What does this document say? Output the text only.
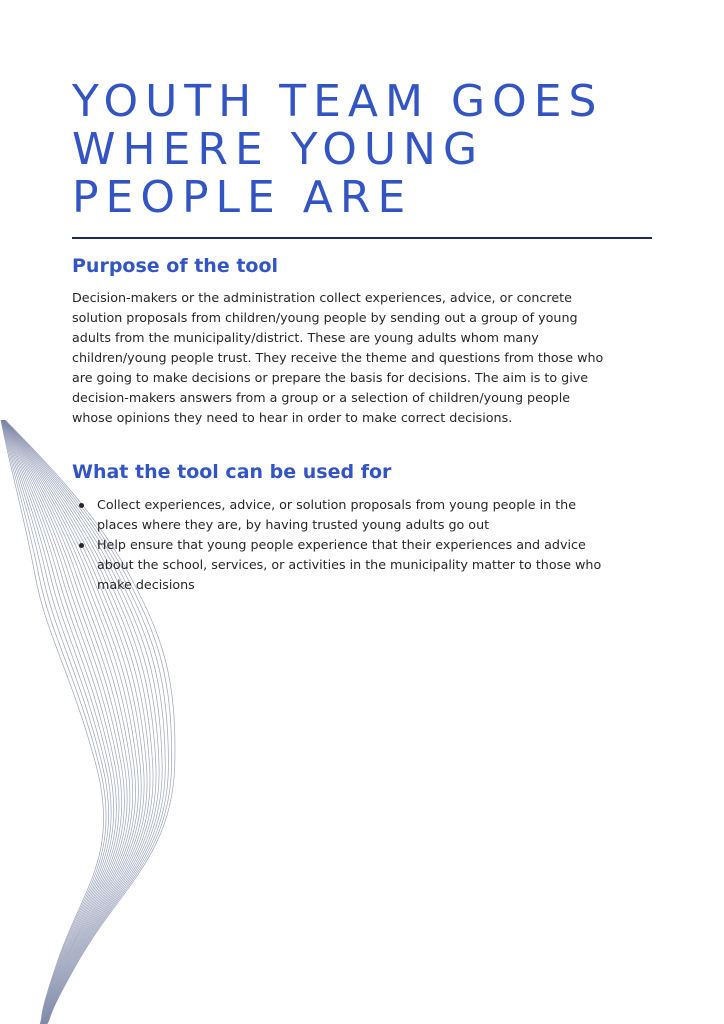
YOUTH TEAM GOES
WHERE YOUNG
PEOPLE ARE
Purpose of the tool

Decision-makers or the administration collect experiences, advice, or concrete
solution proposals from children/young people by sending out a group of young
adults from the municipality/district. These are young adults whom many
children/young people trust. They receive the theme and questions from those who
are going to make decisions or prepare the basis for decisions. The aim is to give
decision-makers answers from a group or a selection of children/young people
whose opinions they need to hear in order to make correct decisions.

What the tool can be used for
Collect experiences, advice, or solution proposals from young people in the
places where they are, by having trusted young adults go out
Help ensure that young people experience that their experiences and advice
about the school, services, or activities in the municipality matter to those who
make decisions
